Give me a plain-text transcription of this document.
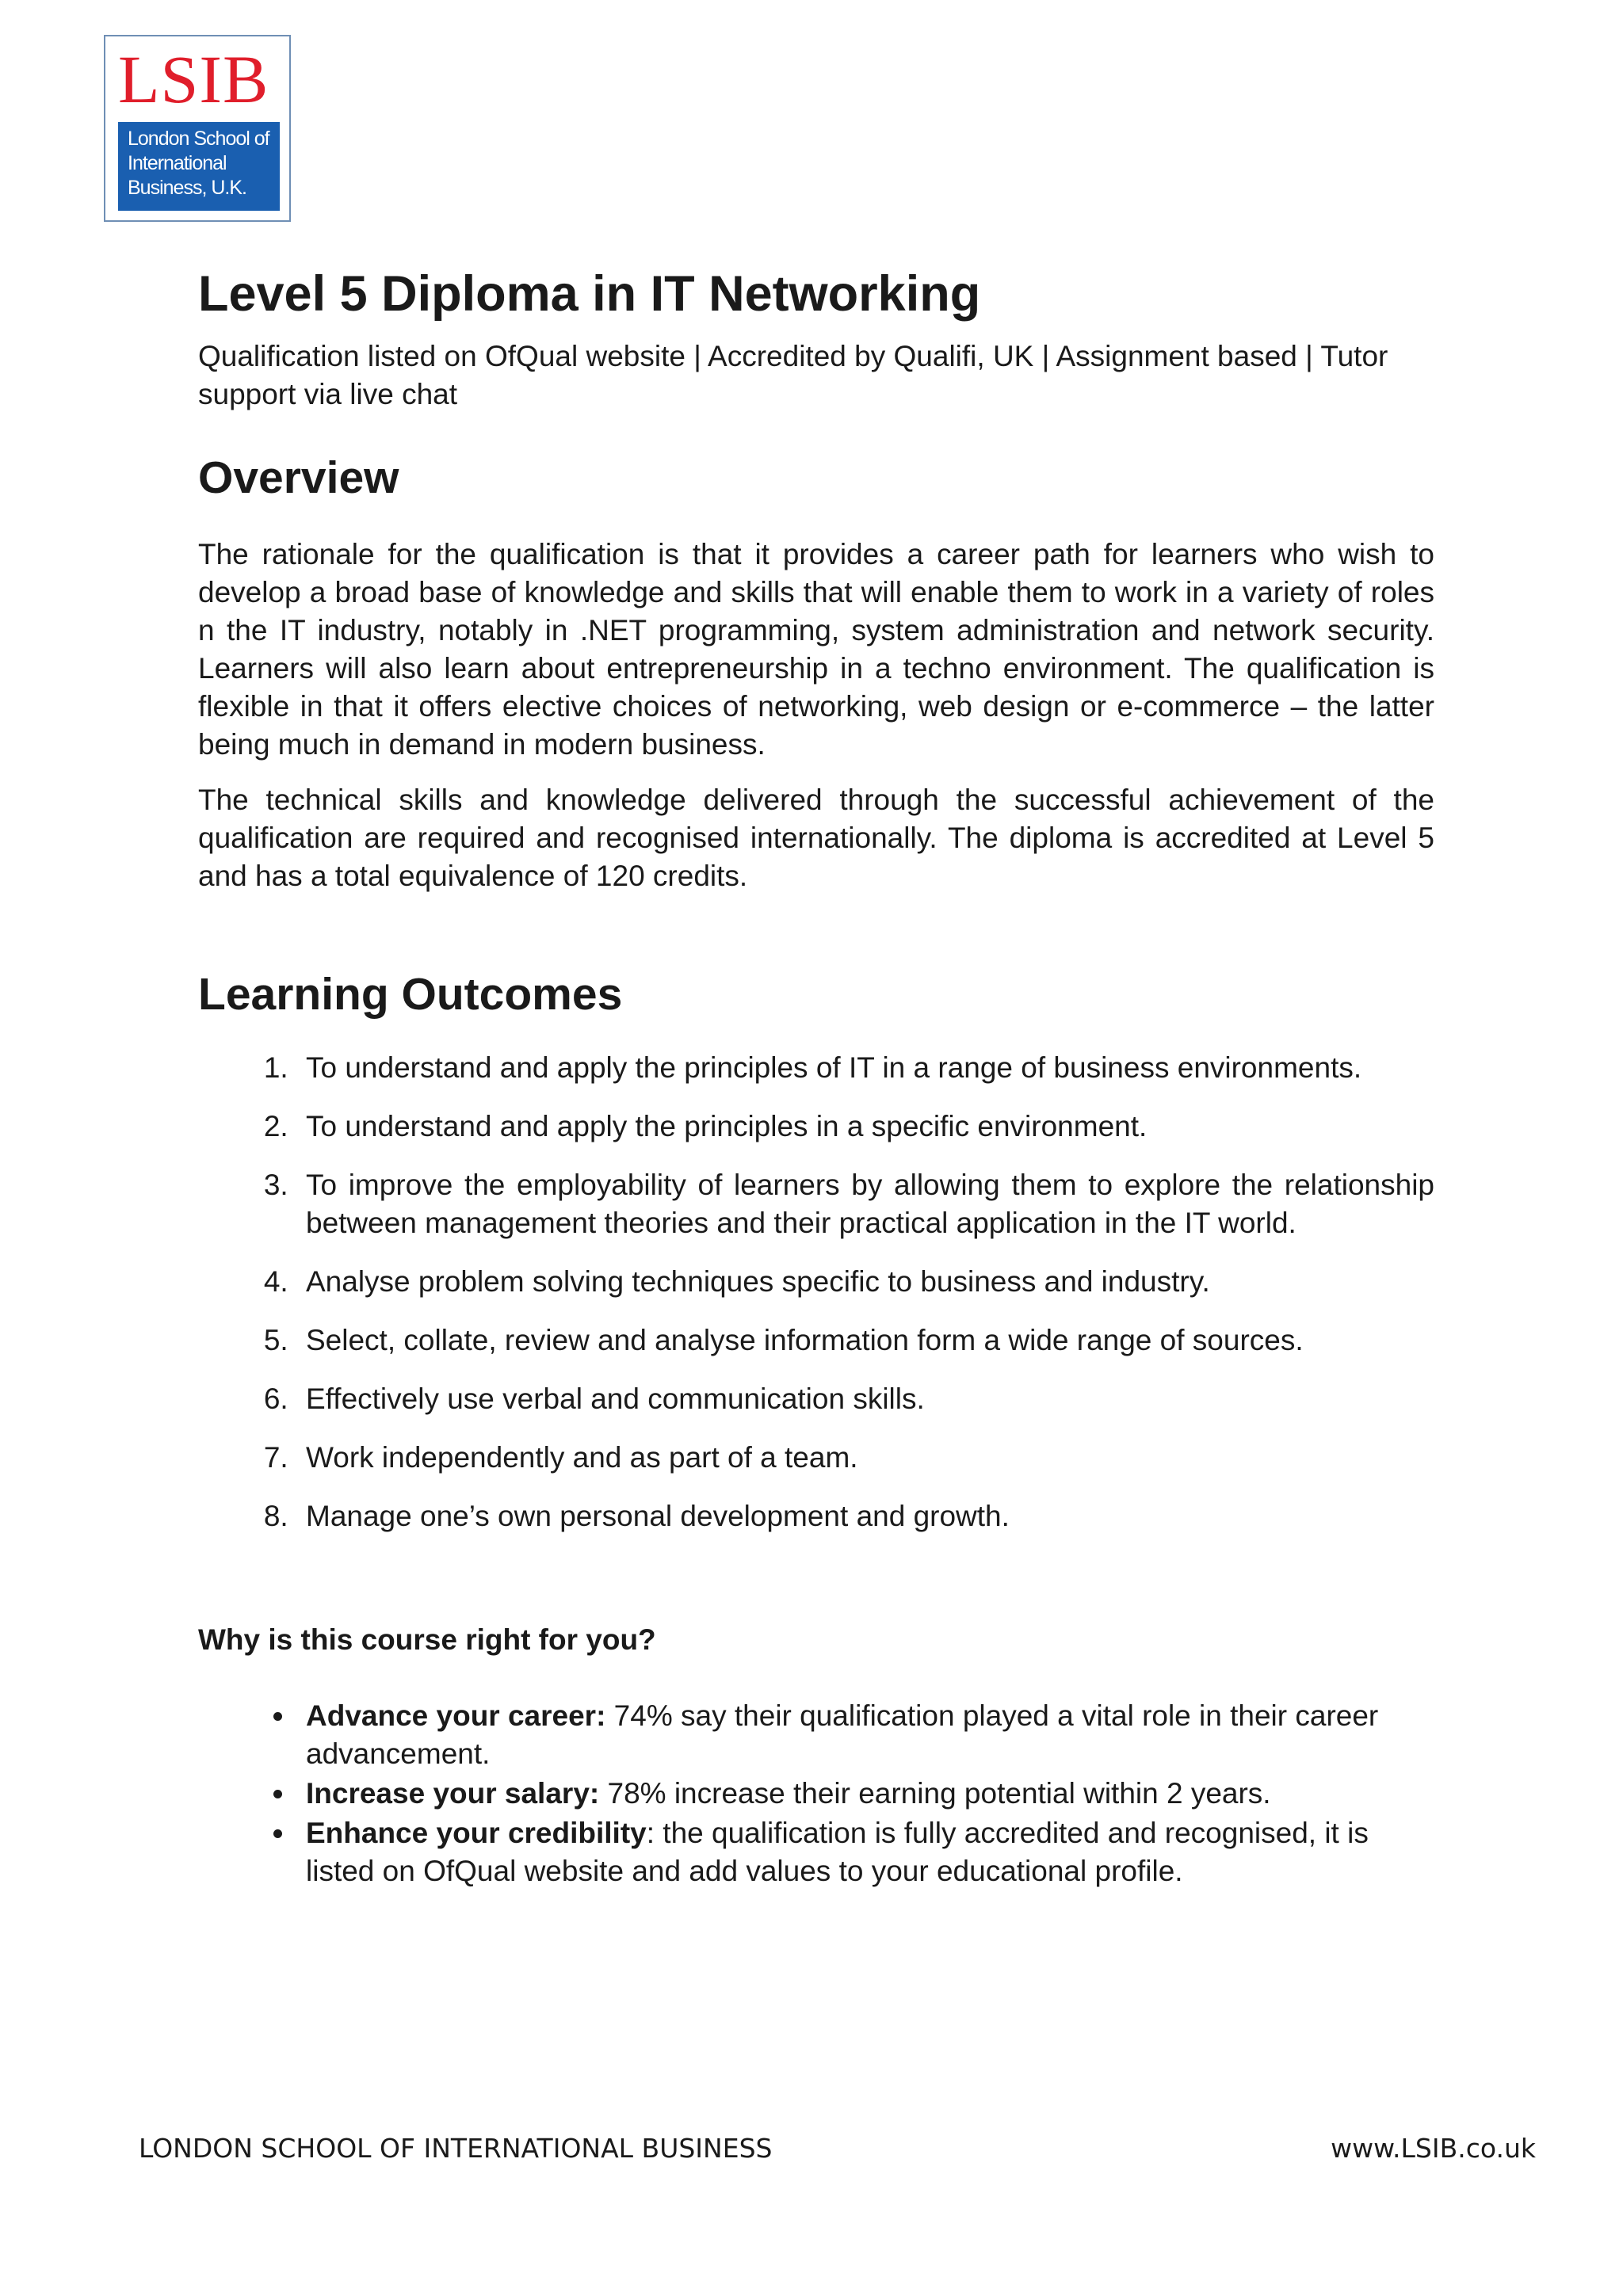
LSIB
London School of
International
Business, U.K.
Level 5 Diploma in IT Networking

Qualification listed on OfQual website | Accredited by Qualifi, UK | Assignment based | Tutor support via live chat

Overview

The rationale for the qualification is that it provides a career path for learners who wish to develop a broad base of knowledge and skills that will enable them to work in a variety of roles n the IT industry, notably in .NET programming, system administration and network security. Learners will also learn about entrepreneurship in a techno environment. The qualification is flexible in that it offers elective choices of networking, web design or e-commerce – the latter being much in demand in modern business.

The technical skills and knowledge delivered through the successful achievement of the qualification are required and recognised internationally. The diploma is accredited at Level 5 and has a total equivalence of 120 credits.

Learning Outcomes
1. To understand and apply the principles of IT in a range of business environments.
2. To understand and apply the principles in a specific environment.
3. To improve the employability of learners by allowing them to explore the relationship between management theories and their practical application in the IT world.
4. Analyse problem solving techniques specific to business and industry.
5. Select, collate, review and analyse information form a wide range of sources.
6. Effectively use verbal and communication skills.
7. Work independently and as part of a team.
8. Manage one’s own personal development and growth.

Why is this course right for you?

• Advance your career: 74% say their qualification played a vital role in their career advancement.
• Increase your salary: 78% increase their earning potential within 2 years.
• Enhance your credibility: the qualification is fully accredited and recognised, it is listed on OfQual website and add values to your educational profile.
LONDON SCHOOL OF INTERNATIONAL BUSINESS	www.LSIB.co.uk
